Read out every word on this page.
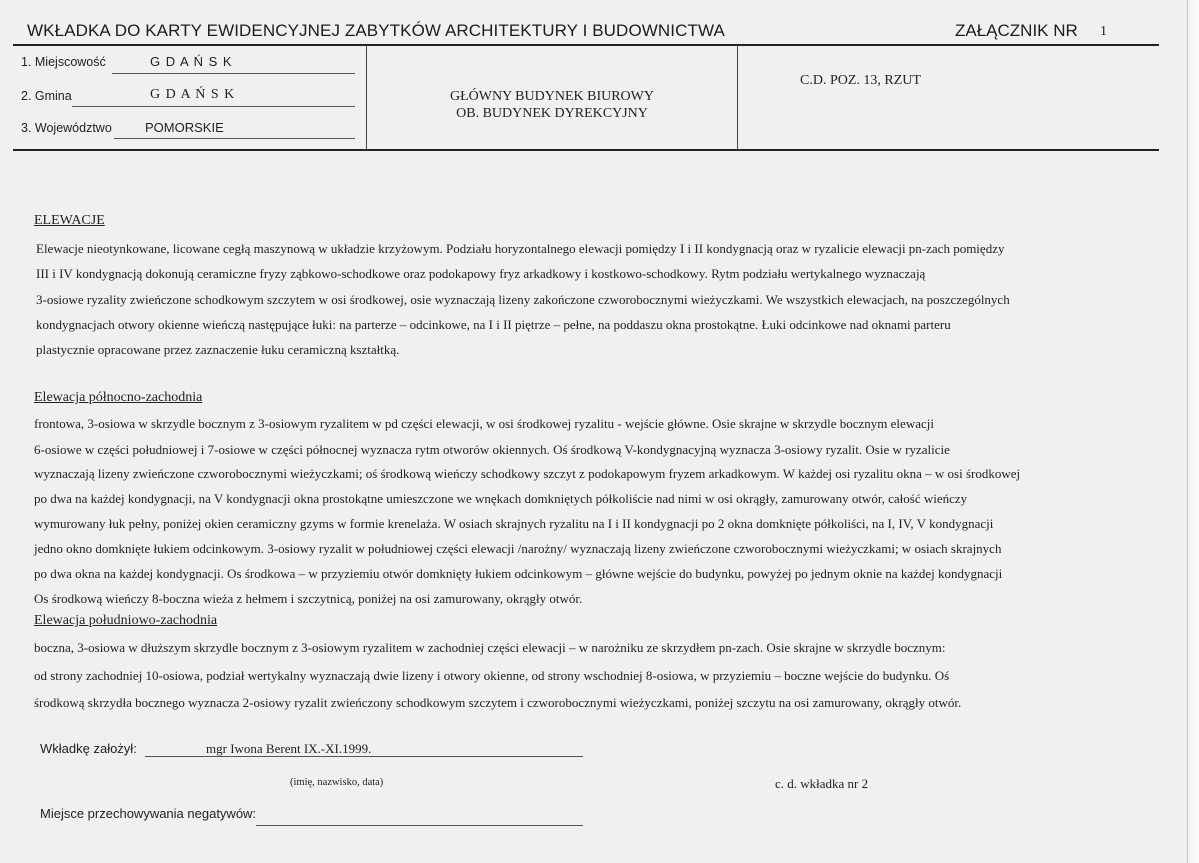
WKŁADKA DO KARTY EWIDENCYJNEJ ZABYTKÓW ARCHITEKTURY I BUDOWNICTWA	ZAŁĄCZNIK NR 1
1. Miejscowość	G D A Ń S K
2. Gmina	G D A Ń S K
3. Województwo	POMORSKIE
GŁÓWNY BUDYNEK BIUROWY
OB. BUDYNEK DYREKCYJNY
C.D. POZ. 13, RZUT
ELEWACJE
Elewacje nieotynkowane, licowane cegłą maszynową w układzie krzyżowym. Podziału horyzontalnego elewacji pomiędzy I i II kondygnacją oraz w ryzalicie elewacji pn-zach pomiędzy
III i IV kondygnacją dokonują ceramiczne fryzy ząbkowo-schodkowe oraz podokapowy fryz arkadkowy i kostkowo-schodkowy. Rytm podziału wertykalnego wyznaczają
3-osiowe ryzality zwieńczone schodkowym szczytem w osi środkowej, osie wyznaczają lizeny zakończone czworobocznymi wieżyczkami. We wszystkich elewacjach, na poszczególnych
kondygnacjach otwory okienne wieńczą następujące łuki: na parterze – odcinkowe, na I i II piętrze – pełne, na poddaszu okna prostokątne. Łuki odcinkowe nad oknami parteru
plastycznie opracowane przez zaznaczenie łuku ceramiczną kształtką.
Elewacja północno-zachodnia
frontowa, 3-osiowa w skrzydle bocznym z 3-osiowym ryzalitem w pd części elewacji, w osi środkowej ryzalitu - wejście główne. Osie skrajne w skrzydle bocznym elewacji
6-osiowe w części południowej i 7-osiowe w części północnej wyznacza rytm otworów okiennych. Oś środkową V-kondygnacyjną wyznacza 3-osiowy ryzalit. Osie w ryzalicie
wyznaczają lizeny zwieńczone czworobocznymi wieżyczkami; oś środkową wieńczy schodkowy szczyt z podokapowym fryzem arkadkowym. W każdej osi ryzalitu okna – w osi środkowej
po dwa na każdej kondygnacji, na V kondygnacji okna prostokątne umieszczone we wnękach domkniętych półkoliście nad nimi w osi okrągły, zamurowany otwór, całość wieńczy
wymurowany łuk pełny, poniżej okien ceramiczny gzyms w formie krenelaża. W osiach skrajnych ryzalitu na I i II kondygnacji po 2 okna domknięte półkoliści, na I, IV, V kondygnacji
jedno okno domknięte łukiem odcinkowym. 3-osiowy ryzalit w południowej części elewacji /narożny/ wyznaczają lizeny zwieńczone czworobocznymi wieżyczkami; w osiach skrajnych
po dwa okna na każdej kondygnacji. Os środkowa – w przyziemiu otwór domknięty łukiem odcinkowym – główne wejście do budynku, powyżej po jednym oknie na każdej kondygnacji
Os środkową wieńczy 8-boczna wieża z hełmem i szczytnicą, poniżej na osi zamurowany, okrągły otwór.
Elewacja południowo-zachodnia
boczna, 3-osiowa w dłuższym skrzydle bocznym z 3-osiowym ryzalitem w zachodniej części elewacji – w narożniku ze skrzydłem pn-zach. Osie skrajne w skrzydle bocznym:
od strony zachodniej 10-osiowa, podział wertykalny wyznaczają dwie lizeny i otwory okienne, od strony wschodniej 8-osiowa, w przyziemiu – boczne wejście do budynku. Oś
środkową skrzydła bocznego wyznacza 2-osiowy ryzalit zwieńczony schodkowym szczytem i czworobocznymi wieżyczkami, poniżej szczytu na osi zamurowany, okrągły otwór.
Wkładkę założył:	mgr Iwona Berent IX.-XI.1999.
(imię, nazwisko, data)	c. d. wkładka nr 2
Miejsce przechowywania negatywów:
